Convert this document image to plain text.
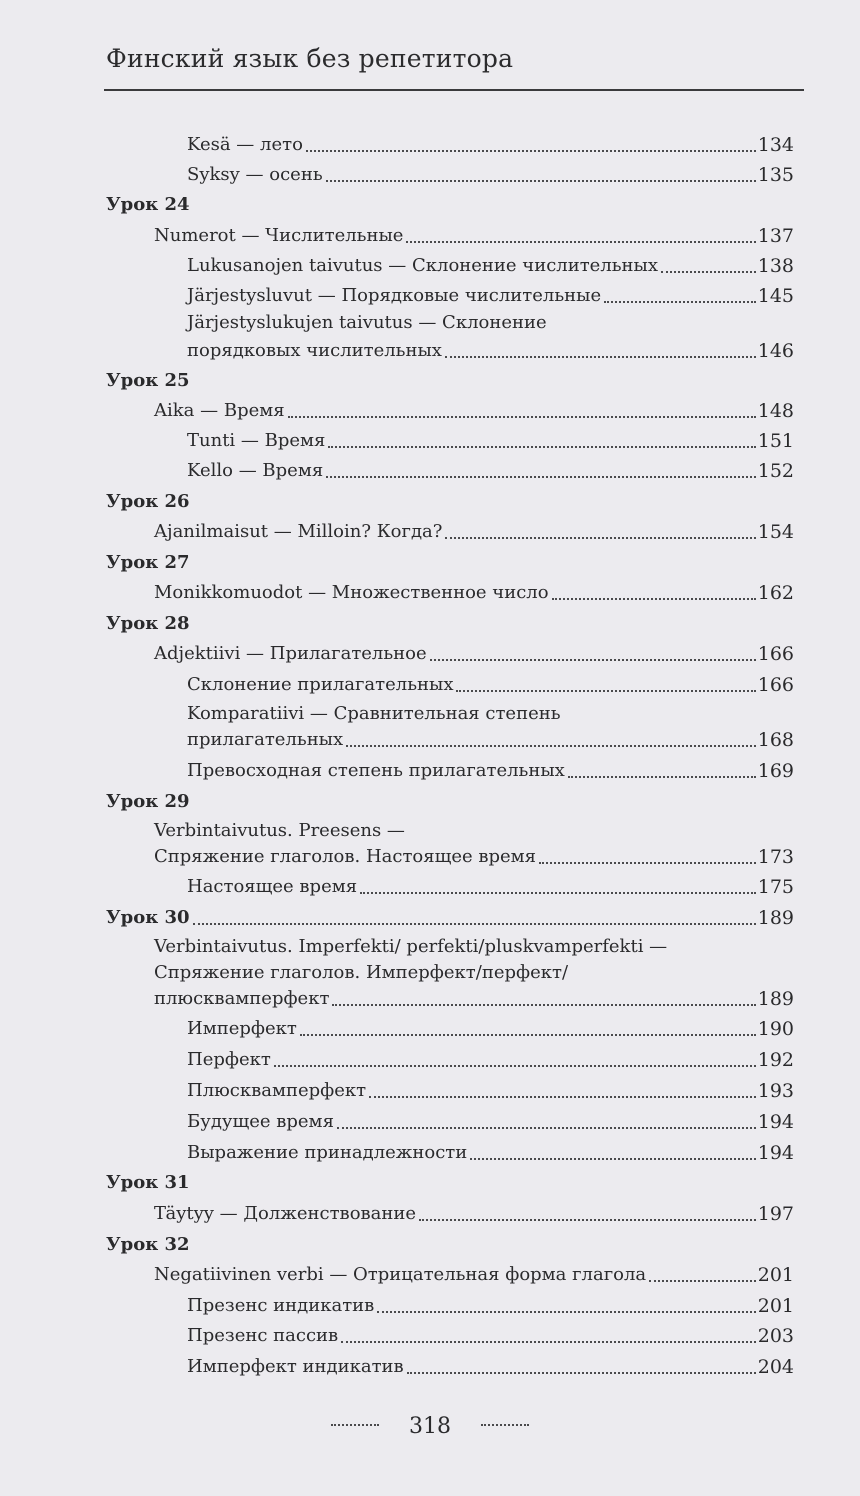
Финский язык без репетитора
Kesä — лето	134
Syksy — осень	135
Урок 24
Numerot — Числительные	137
Lukusanojen taivutus — Склонение числительных	138
Järjestysluvut — Порядковые числительные	145
Järjestyslukujen taivutus — Склонение
порядковых числительных	146
Урок 25
Aika — Время	148
Tunti — Время	151
Kello — Время	152
Урок 26
Ajanilmaisut — Milloin? Когда?	154
Урок 27
Monikkomuodot — Множественное число	162
Урок 28
Adjektiivi — Прилагательное	166
Склонение прилагательных	166
Komparatiivi — Сравнительная степень
прилагательных	168
Превосходная степень прилагательных	169
Урок 29
Verbintaivutus. Preesens —
Спряжение глаголов. Настоящее время	173
Настоящее время	175
Урок 30	189
Verbintaivutus. Imperfekti/ perfekti/pluskvamperfekti —
Спряжение глаголов. Имперфект/перфект/
плюсквамперфект	189
Имперфект	190
Перфект	192
Плюсквамперфект	193
Будущее время	194
Выражение принадлежности	194
Урок 31
Täytyy — Долженствование	197
Урок 32
Negatiivinen verbi — Отрицательная форма глагола	201
Презенс индикатив	201
Презенс пассив	203
Имперфект индикатив	204
318
